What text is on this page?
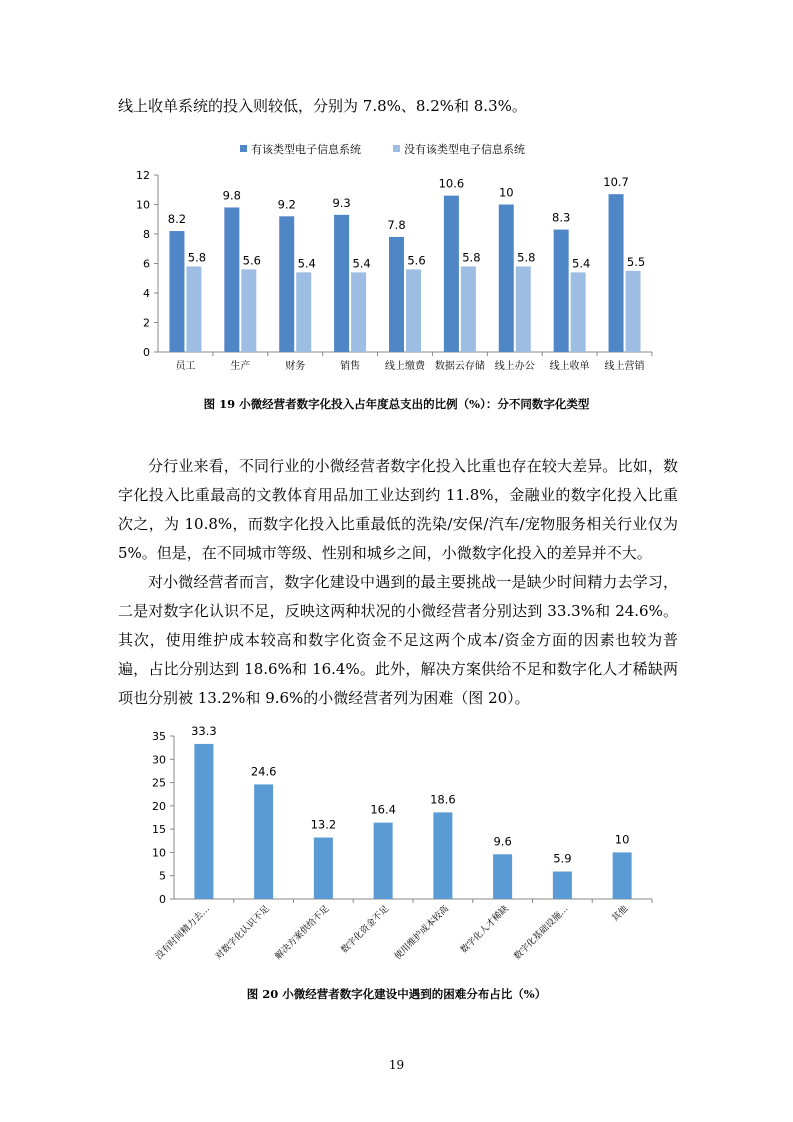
线上收单系统的投入则较低，分别为 7.8%、8.2%和 8.3%。

有该类型电子信息系统	没有该类型电子信息系统
0
2
4
6
8
10
12
员工
8.2
5.8
生产
9.8
5.6
财务
9.2
5.4
销售
9.3
5.4
线上缴费
7.8
5.6
数据云存储
10.6
5.8
线上办公
10
5.8
线上收单
8.3
5.4
线上营销
10.7
5.5

图 19 小微经营者数字化投入占年度总支出的比例（%）：分不同数字化类型

分行业来看，不同行业的小微经营者数字化投入比重也存在较大差异。比如，数字化投入比重最高的文教体育用品加工业达到约 11.8%，金融业的数字化投入比重次之，为 10.8%，而数字化投入比重最低的洗染/安保/汽车/宠物服务相关行业仅为 5%。但是，在不同城市等级、性别和城乡之间，小微数字化投入的差异并不大。

对小微经营者而言，数字化建设中遇到的最主要挑战一是缺少时间精力去学习，二是对数字化认识不足，反映这两种状况的小微经营者分别达到 33.3%和 24.6%。其次，使用维护成本较高和数字化资金不足这两个成本/资金方面的因素也较为普遍，占比分别达到 18.6%和 16.4%。此外，解决方案供给不足和数字化人才稀缺两项也分别被 13.2%和 9.6%的小微经营者列为困难（图 20）。

0
5
10
15
20
25
30
35 33.3
没有时间精力去…
24.6
对数字化认识不足
13.2
解决方案供给不足
16.4
数字化资金不足
18.6
使用维护成本较高
9.6
数字化人才稀缺
5.9
数字化基础设施…
10
其他

图 20 小微经营者数字化建设中遇到的困难分布占比（%）

19
